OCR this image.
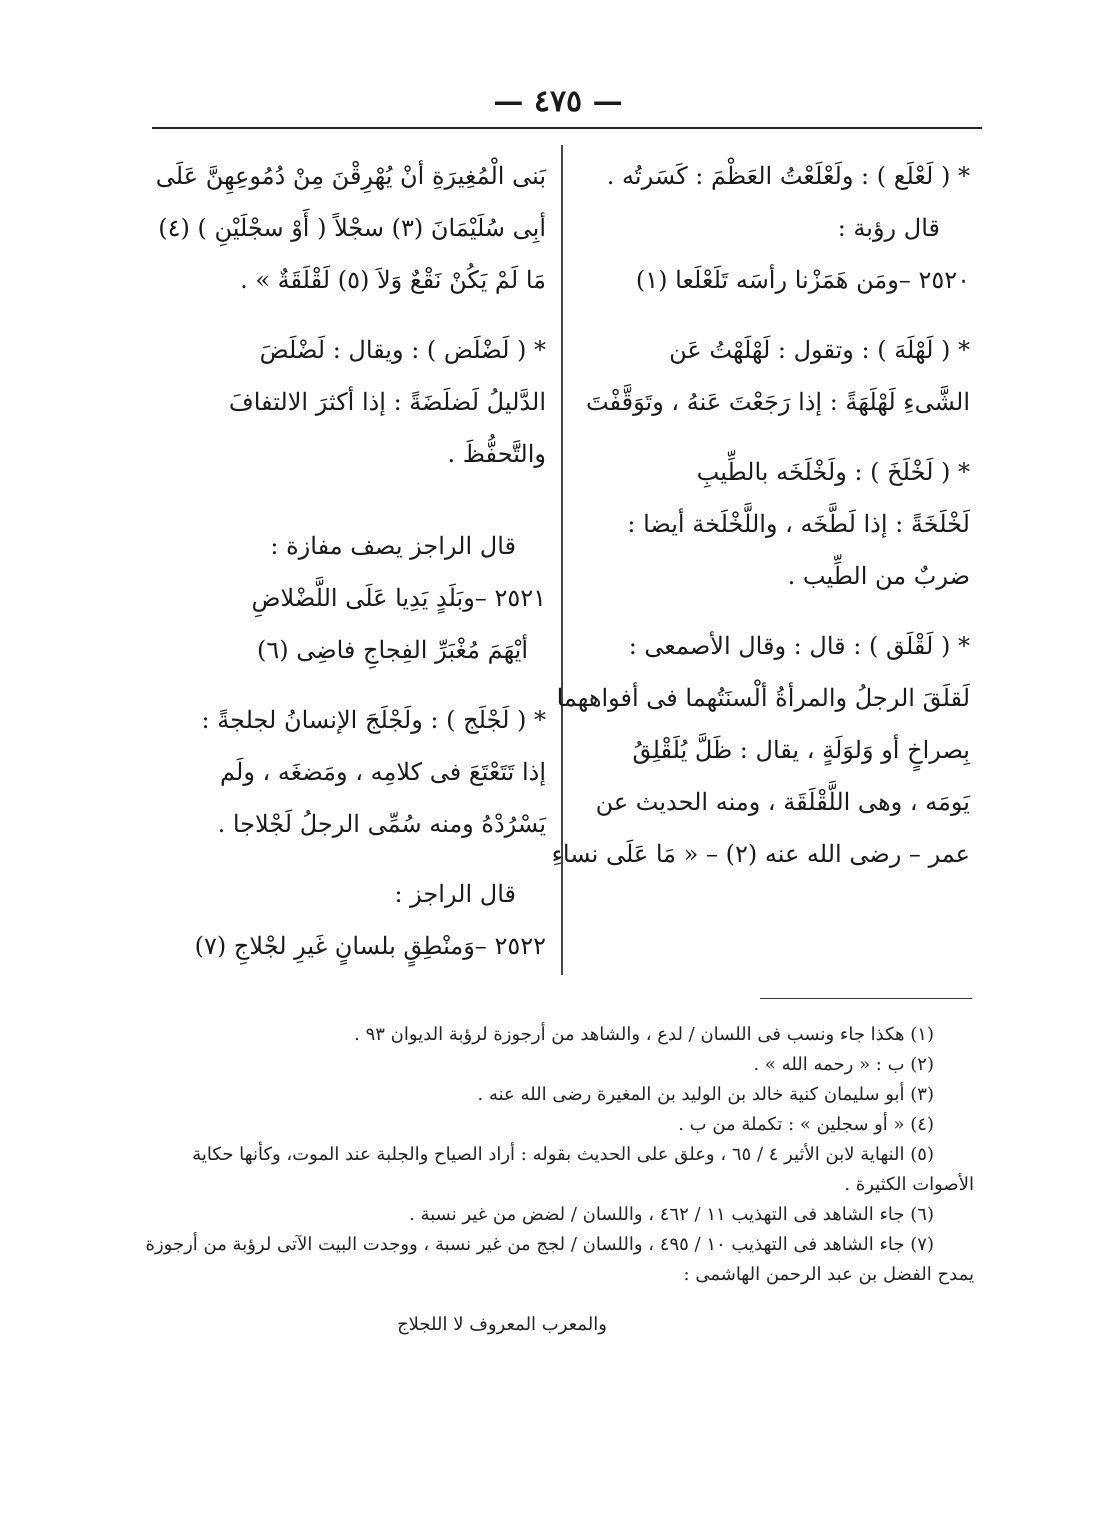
— ٤٧٥ —
* ( لَعْلَع ) : ولَعْلَعْتُ العَظْمَ : كَسَرتُه .
قال رؤبة :
٢٥٢٠ –ومَن هَمَزْنا رأسَه تَلَعْلَعا (١)
* ( لَهْلَهَ ) : وتقول : لَهْلَهْتُ عَن
الشَّىءِ لَهْلَهَةً : إذا رَجَعْتَ عَنهُ ، وتَوَقَّفْتَ
* ( لَخْلَخَ ) : ولَخْلَخَه بالطِّيبِ
لَخْلَخَةً : إذا لَطَّخَه ، واللَّخْلَخة أيضا :
ضربٌ من الطِّيب .
* ( لَقْلَق ) : قال : وقال الأصمعى :
لَقلَقَ الرجلُ والمرأةُ ألْسنَتُهما فى أفواههما
بِصراخٍ أو وَلوَلَةٍ ، يقال : ظَلَّ يُلَقْلِقُ
يَومَه ، وهى اللَّقْلَقَة ، ومنه الحديث عن
عمر – رضى الله عنه (٢) – « مَا عَلَى نساءِ
بَنى الْمُغِيرَةِ أنْ يُهْرِقْنَ مِنْ دُمُوعِهِنَّ عَلَى
أبِى سُلَيْمَانَ (٣) سجْلاً ( أَوْ سجْلَيْنِ ) (٤)
مَا لَمْ يَكُنْ نَقْعٌ وَلاَ (٥) لَقْلَقَةٌ » .
* ( لَضْلَض ) : ويقال : لَضْلَضَ
الدَّليلُ لَضلَضَةً : إذا أكثرَ الالتفافَ
والتَّحفُّظَ .
قال الراجز يصف مفازة :
٢٥٢١ –وبَلَدٍ يَدِيا عَلَى اللَّضْلاضِ
أيْهَمَ مُغْبَرِّ الفِجاجِ فاضِى (٦)
* ( لَجْلَج ) : ولَجْلَجَ الإنسانُ لجلجةً :
إذا تَتَعْتَعَ فى كلامِه ، ومَضغَه ، ولَم
يَسْرُدْهُ ومنه سُمِّى الرجلُ لَجْلاجا .
قال الراجز :
٢٥٢٢ –وَمنْطِقٍ بلسانٍ غَيرِ لجْلاجِ (٧)
(١) هكذا جاء ونسب فى اللسان / لدع ، والشاهد من أرجوزة لرؤبة الديوان ٩٣ .
(٢) ب : « رحمه الله » .
(٣) أبو سليمان كنية خالد بن الوليد بن المغيرة رضى الله عنه .
(٤) « أو سجلين » : تكملة من ب .
(٥) النهاية لابن الأثير ٤ / ٦٥ ، وعلق على الحديث بقوله : أراد الصياح والجلبة عند الموت، وكأنها حكاية
الأصوات الكثيرة .
(٦) جاء الشاهد فى التهذيب ١١ / ٤٦٢ ، واللسان / لضض من غير نسبة .
(٧) جاء الشاهد فى التهذيب ١٠ / ٤٩٥ ، واللسان / لجج من غير نسبة ، ووجدت البيت الآتى لرؤبة من أرجوزة
يمدح الفضل بن عبد الرحمن الهاشمى :
والمعرب المعروف لا اللجلاج
